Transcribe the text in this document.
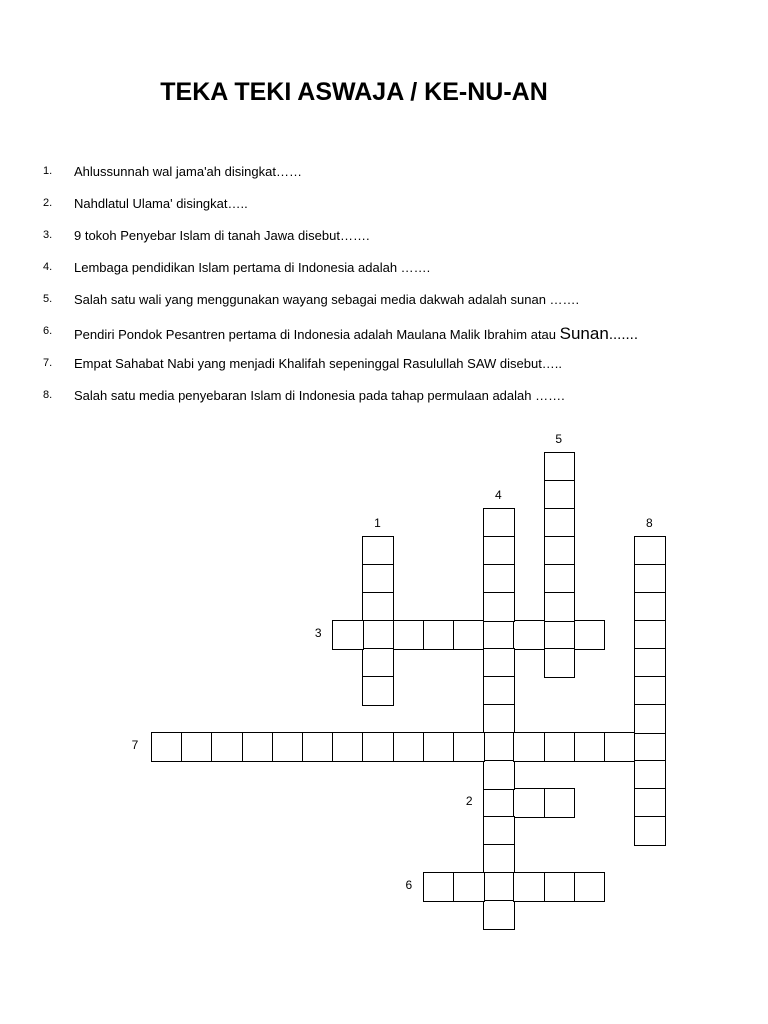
TEKA TEKI ASWAJA / KE-NU-AN
1. Ahlussunnah wal jama'ah disingkat……
2. Nahdlatul Ulama' disingkat…..
3. 9 tokoh Penyebar Islam di tanah Jawa disebut…….
4. Lembaga pendidikan Islam pertama di Indonesia adalah …….
5. Salah satu wali yang menggunakan wayang sebagai media dakwah adalah sunan …….
6. Pendiri Pondok Pesantren pertama di Indonesia adalah Maulana Malik Ibrahim atau Sunan.......
7. Empat Sahabat Nabi yang menjadi Khalifah sepeninggal Rasulullah SAW disebut…..
8. Salah satu media penyebaran Islam di Indonesia pada tahap permulaan adalah …….
1
2
3
4
5
6
7
8
